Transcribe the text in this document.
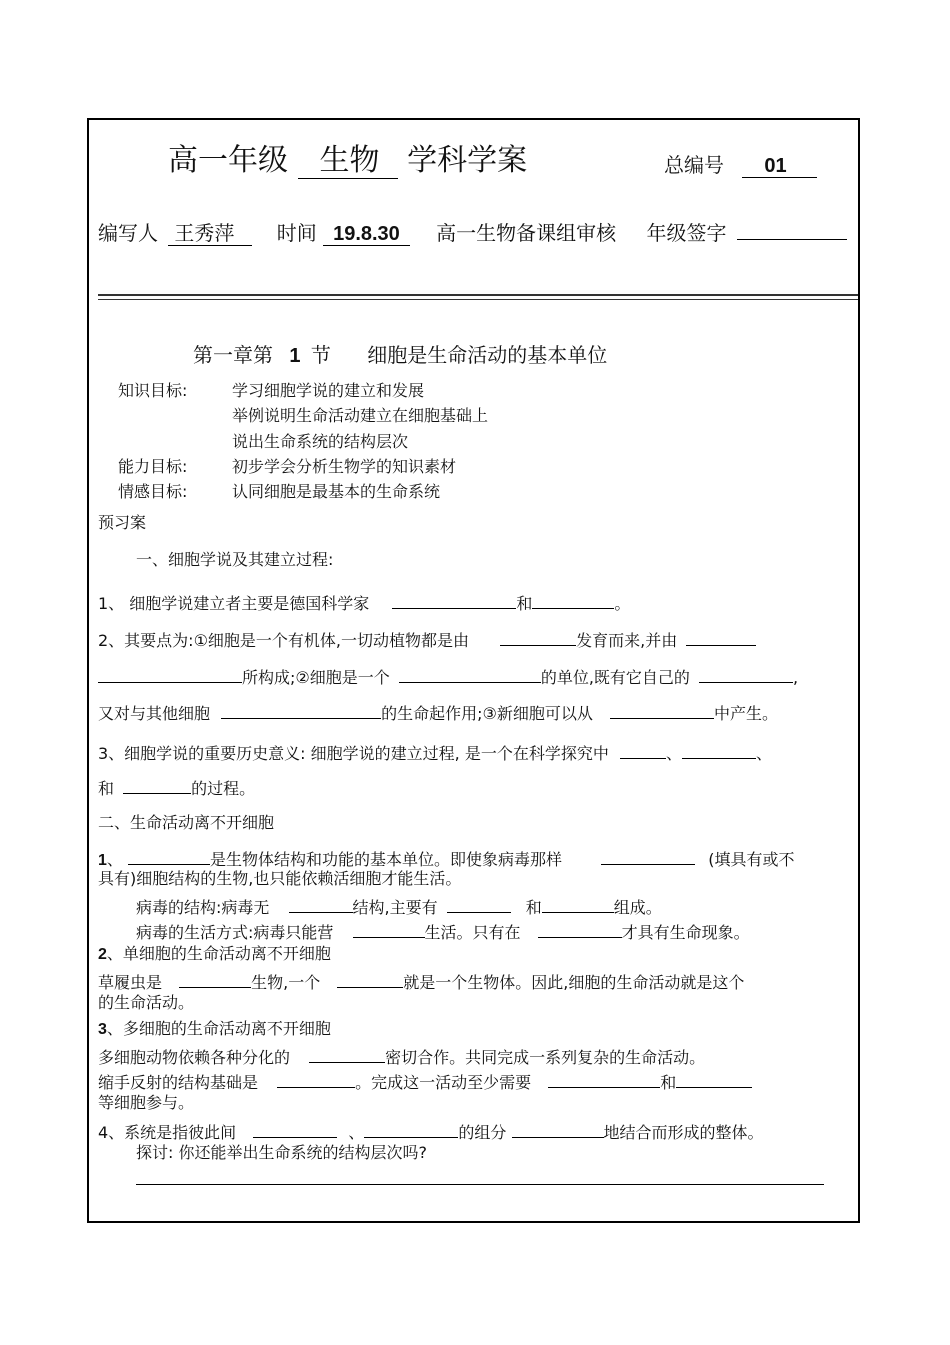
高一年级 生物 学科学案	总编号 01
编写人 王秀萍 时间 19.8.30 高一生物备课组审核 年级签字
第一章第 1 节 细胞是生命活动的基本单位
知识目标:	学习细胞学说的建立和发展
举例说明生命活动建立在细胞基础上
说出生命系统的结构层次
能力目标:	初步学会分析生物学的知识素材
情感目标:	认同细胞是最基本的生命系统
预习案
一、细胞学说及其建立过程:
1、 细胞学说建立者主要是德国科学家	和	。
2、其要点为:①细胞是一个有机体,一切动植物都是由	发育而来,并由
所构成;②细胞是一个	的单位,既有它自己的	,
又对与其他细胞	的生命起作用;③新细胞可以从	中产生。
3、细胞学说的重要历史意义: 细胞学说的建立过程, 是一个在科学探究中	、	、
和	的过程。
二、生命活动离不开细胞
1、	是生物体结构和功能的基本单位。即使象病毒那样	(填具有或不
具有)细胞结构的生物,也只能依赖活细胞才能生活。
病毒的结构:病毒无	结构,主要有	和	组成。
病毒的生活方式:病毒只能营	生活。只有在	才具有生命现象。
2、单细胞的生命活动离不开细胞
草履虫是	生物,一个	就是一个生物体。因此,细胞的生命活动就是这个
的生命活动。
3、多细胞的生命活动离不开细胞
多细胞动物依赖各种分化的	密切合作。共同完成一系列复杂的生命活动。
缩手反射的结构基础是	。完成这一活动至少需要	和
等细胞参与。
4、系统是指彼此间	、	的组分	地结合而形成的整体。
探讨: 你还能举出生命系统的结构层次吗?
